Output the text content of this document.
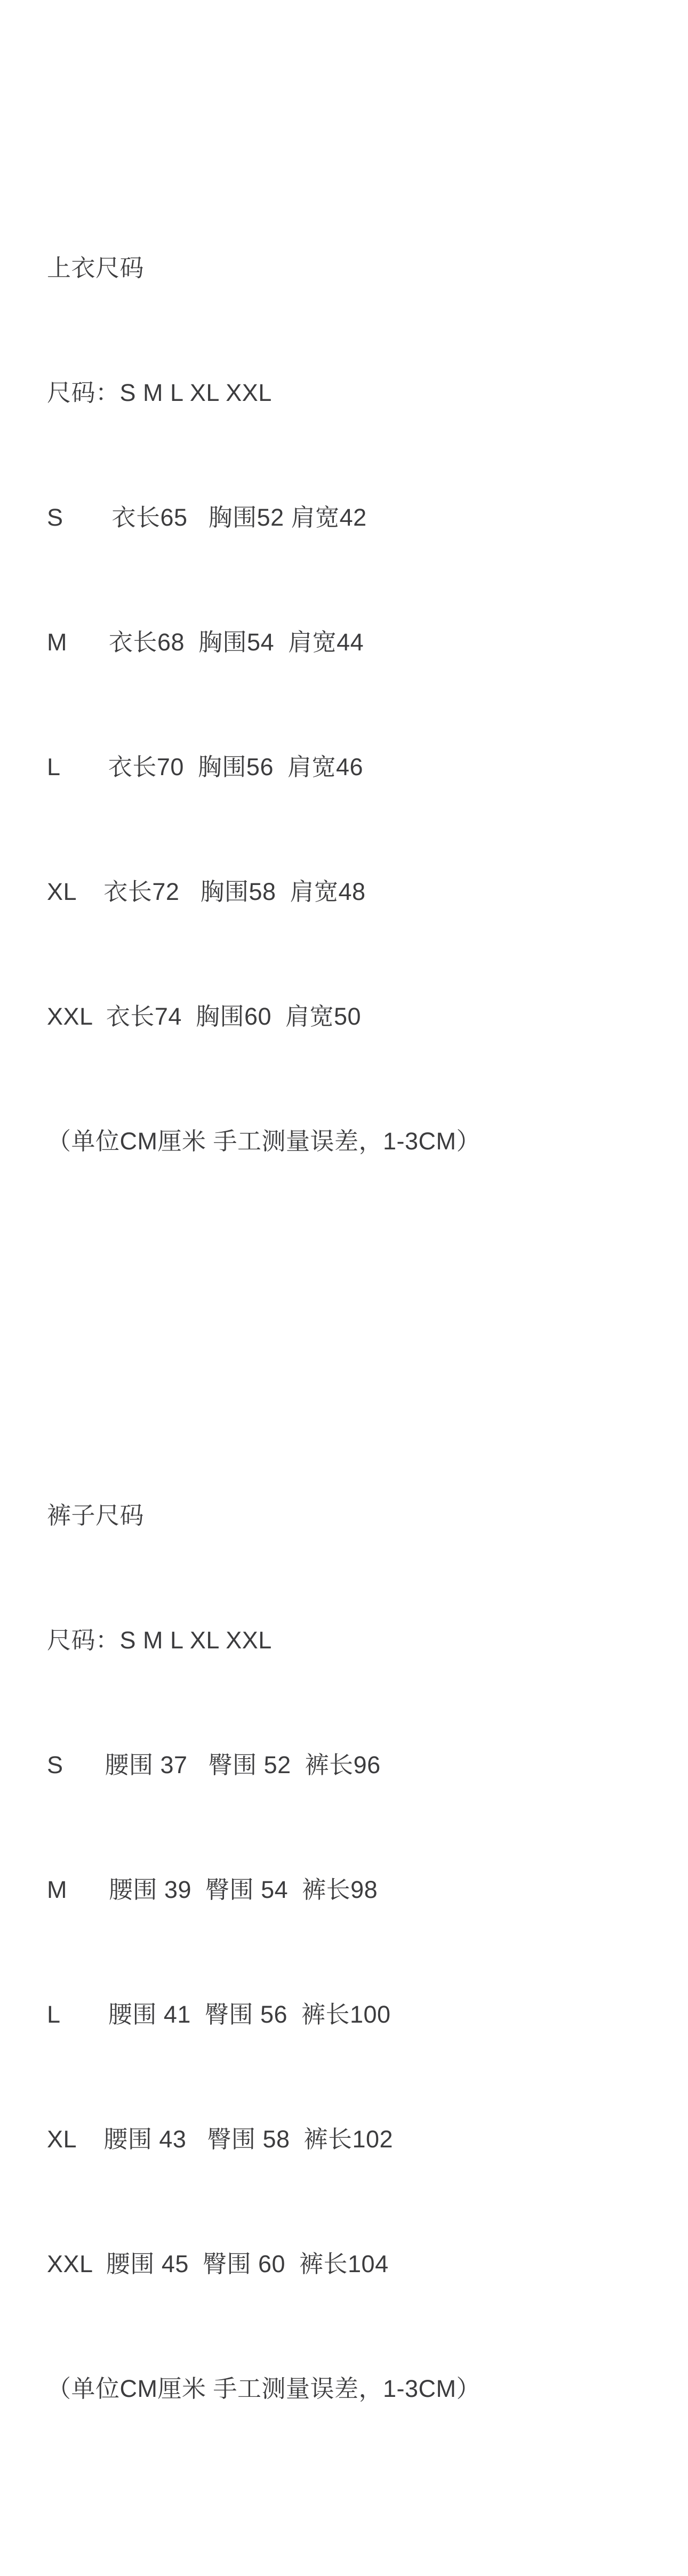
上衣尺码

尺码：S M L XL XXL

S       衣长65   胸围52 肩宽42

M      衣长68  胸围54  肩宽44

L       衣长70  胸围56  肩宽46

XL    衣长72   胸围58  肩宽48

XXL  衣长74  胸围60  肩宽50

（单位CM厘米 手工测量误差，1-3CM）

裤子尺码

尺码：S M L XL XXL

S      腰围 37   臀围 52  裤长96

M      腰围 39  臀围 54  裤长98

L       腰围 41  臀围 56  裤长100

XL    腰围 43   臀围 58  裤长102

XXL  腰围 45  臀围 60  裤长104

（单位CM厘米 手工测量误差，1-3CM）
